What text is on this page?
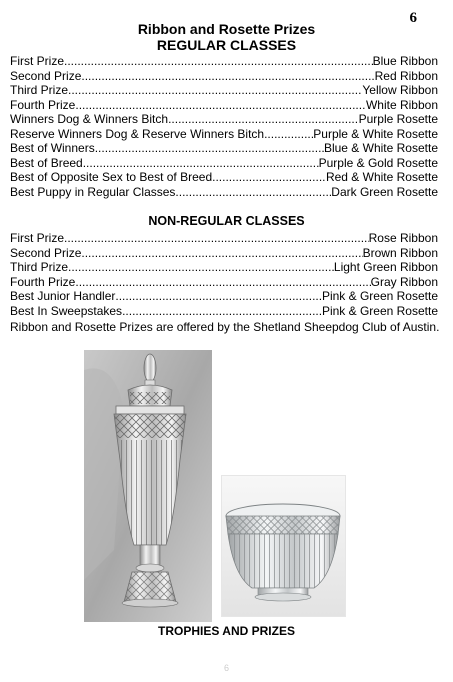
6
Ribbon and Rosette Prizes
REGULAR CLASSES
First Prize .....	Blue Ribbon
Second Prize .....	Red Ribbon
Third Prize .....	Yellow Ribbon
Fourth Prize .....	White Ribbon
Winners Dog & Winners Bitch .....	Purple Rosette
Reserve Winners Dog & Reserve Winners Bitch .....	Purple & White Rosette
Best of Winners .....	Blue & White Rosette
Best of Breed .....	Purple & Gold Rosette
Best of Opposite Sex to Best of Breed .....	Red & White Rosette
Best Puppy in Regular Classes .....	Dark Green Rosette
NON-REGULAR CLASSES
First Prize .....	Rose Ribbon
Second Prize .....	Brown Ribbon
Third Prize .....	Light Green Ribbon
Fourth Prize .....	Gray Ribbon
Best Junior Handler .....	Pink & Green Rosette
Best In Sweepstakes .....	Pink & Green Rosette
Ribbon and Rosette Prizes are offered by the Shetland Sheepdog Club of Austin.
TROPHIES AND PRIZES
6
